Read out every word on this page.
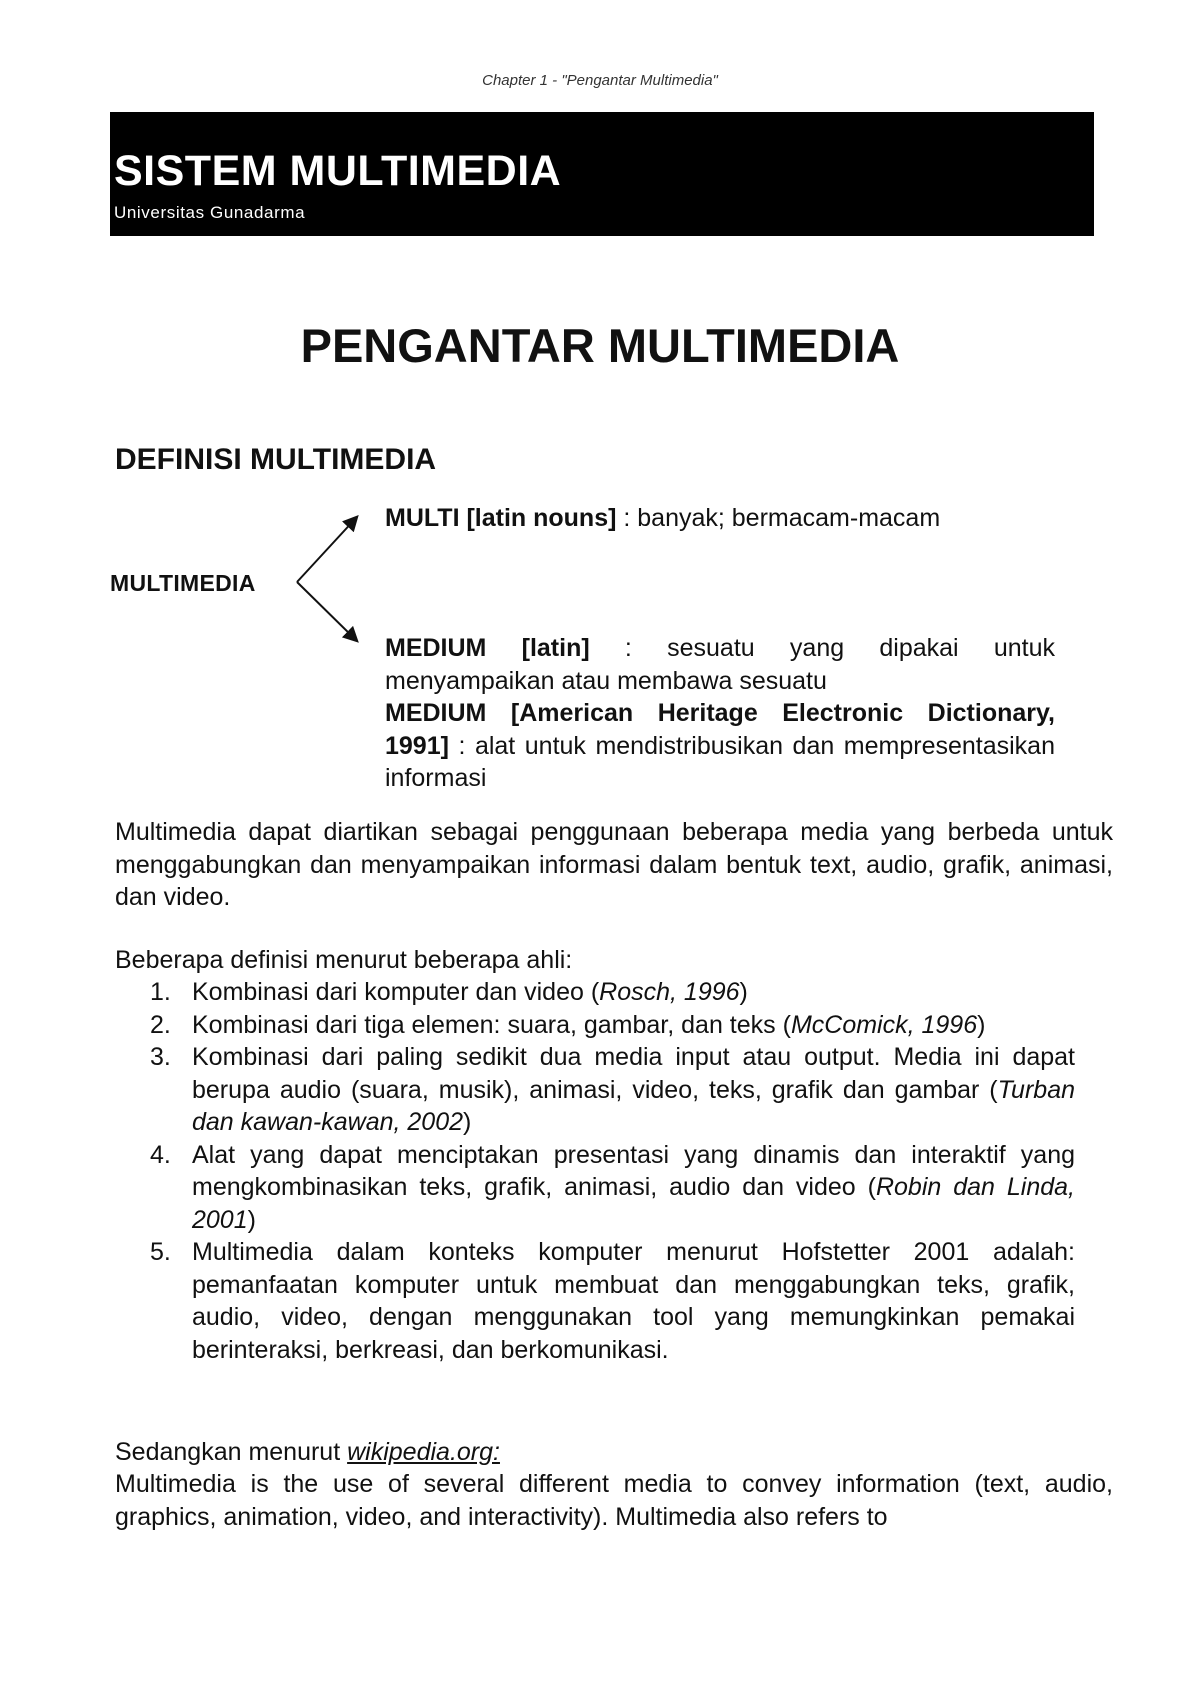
Chapter 1 - "Pengantar Multimedia"
SISTEM MULTIMEDIA
Universitas Gunadarma
PENGANTAR MULTIMEDIA
DEFINISI MULTIMEDIA
MULTIMEDIA
MULTI [latin nouns] : banyak; bermacam-macam

MEDIUM [latin] : sesuatu yang dipakai untuk menyampaikan atau membawa sesuatu

MEDIUM [American Heritage Electronic Dictionary, 1991] : alat untuk mendistribusikan dan mempresentasikan informasi

Multimedia dapat diartikan sebagai penggunaan beberapa media yang berbeda untuk menggabungkan dan menyampaikan informasi dalam bentuk text, audio, grafik, animasi, dan video.
Beberapa definisi menurut beberapa ahli:
1. Kombinasi dari komputer dan video (Rosch, 1996)
2. Kombinasi dari tiga elemen: suara, gambar, dan teks (McComick, 1996)
3. Kombinasi dari paling sedikit dua media input atau output. Media ini dapat berupa audio (suara, musik), animasi, video, teks, grafik dan gambar (Turban dan kawan-kawan, 2002)
4. Alat yang dapat menciptakan presentasi yang dinamis dan interaktif yang mengkombinasikan teks, grafik, animasi, audio dan video (Robin dan Linda, 2001)
5. Multimedia dalam konteks komputer menurut Hofstetter 2001 adalah: pemanfaatan komputer untuk membuat dan menggabungkan teks, grafik, audio, video, dengan menggunakan tool yang memungkinkan pemakai berinteraksi, berkreasi, dan berkomunikasi.
Sedangkan menurut wikipedia.org:
Multimedia is the use of several different media to convey information (text, audio, graphics, animation, video, and interactivity). Multimedia also refers to
